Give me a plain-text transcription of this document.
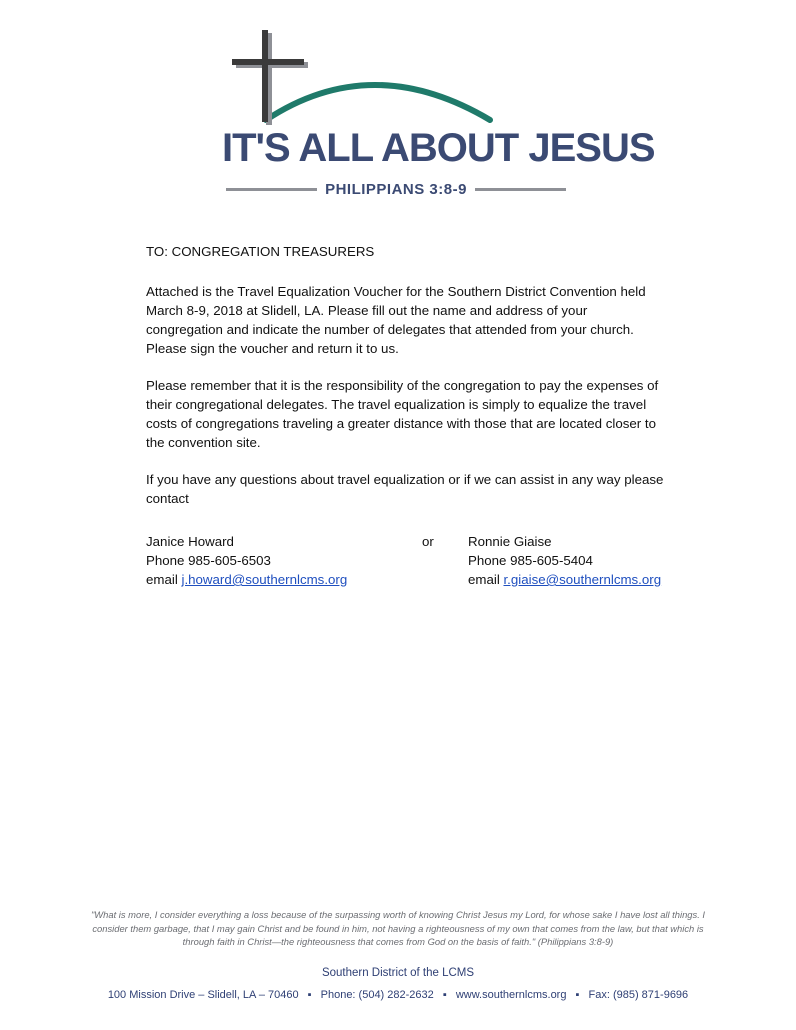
IT'S ALL ABOUT JESUS
PHILIPPIANS 3:8-9

TO: CONGREGATION TREASURERS

Attached is the Travel Equalization Voucher for the Southern District Convention held March 8-9, 2018 at Slidell, LA. Please fill out the name and address of your congregation and indicate the number of delegates that attended from your church. Please sign the voucher and return it to us.

Please remember that it is the responsibility of the congregation to pay the expenses of their congregational delegates. The travel equalization is simply to equalize the travel costs of congregations traveling a greater distance with those that are located closer to the convention site.

If you have any questions about travel equalization or if we can assist in any way please contact

Janice Howard
Phone 985-605-6503
email j.howard@southernlcms.org
or	Ronnie Giaise
Phone 985-605-5404
email r.giaise@southernlcms.org
"What is more, I consider everything a loss because of the surpassing worth of knowing Christ Jesus my Lord, for whose sake I have lost all things. I consider them garbage, that I may gain Christ and be found in him, not having a righteousness of my own that comes from the law, but that which is through faith in Christ—the righteousness that comes from God on the basis of faith." (Philippians 3:8-9)
Southern District of the LCMS
100 Mission Drive – Slidell, LA – 70460 ▪ Phone: (504) 282-2632 ▪ www.southernlcms.org ▪ Fax: (985) 871-9696
